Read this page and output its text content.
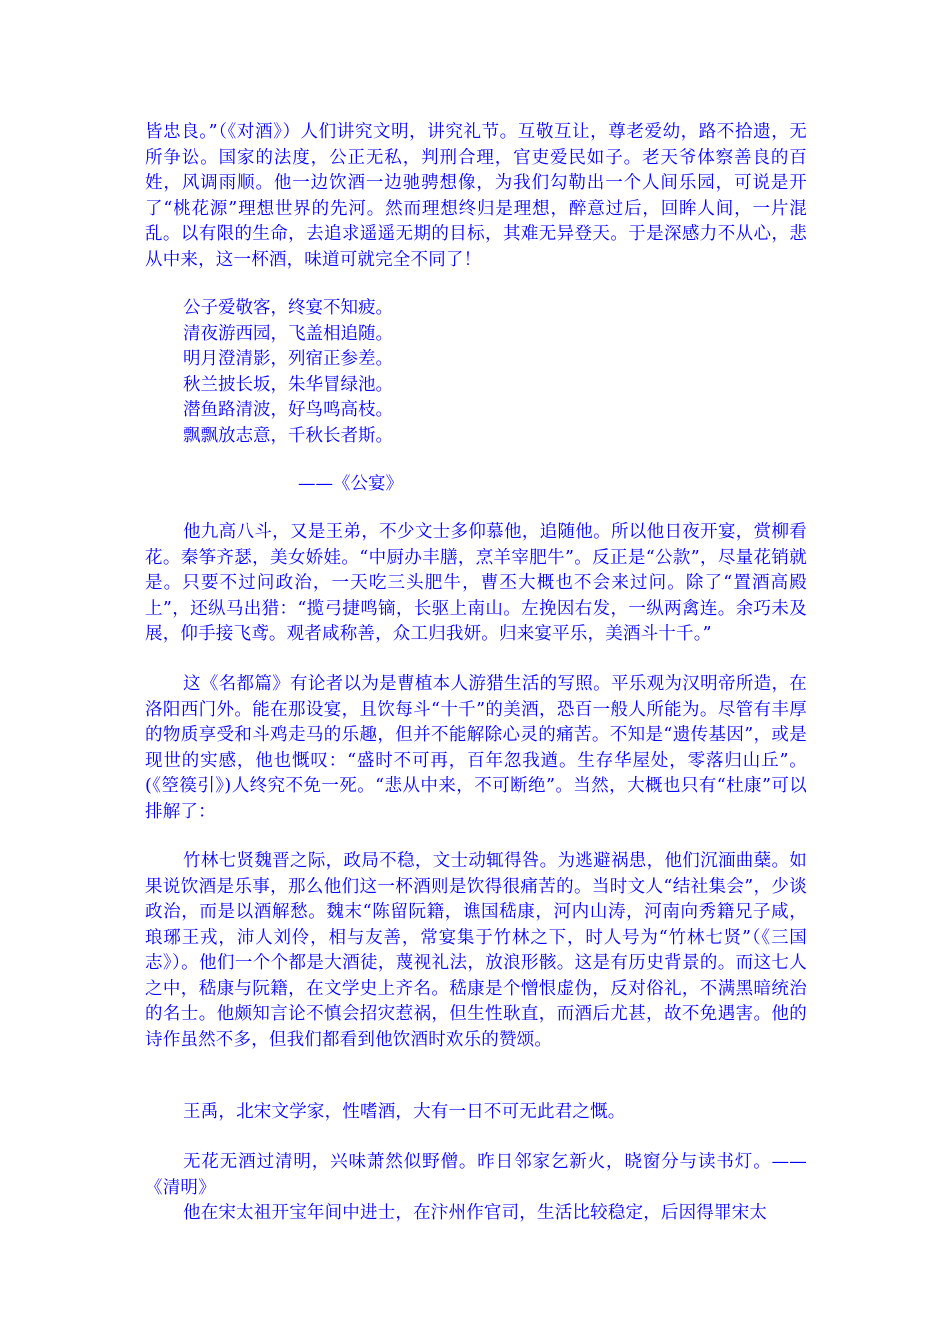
皆忠良。”（《对酒》）人们讲究文明，讲究礼节。互敬互让，尊老爱幼，路不拾遗，无所争讼。国家的法度，公正无私，判刑合理，官吏爱民如子。老天爷体察善良的百姓，风调雨顺。他一边饮酒一边驰骋想像，为我们勾勒出一个人间乐园，可说是开了“桃花源”理想世界的先河。然而理想终归是理想，醉意过后，回眸人间，一片混乱。以有限的生命，去追求遥遥无期的目标，其难无异登天。于是深感力不从心，悲从中来，这一杯酒，味道可就完全不同了！

公子爱敬客，终宴不知疲。
清夜游西园，飞盖相追随。
明月澄清影，列宿正参差。
秋兰披长坂，朱华冒绿池。
潜鱼路清波，好鸟鸣高枝。
飘飘放志意，千秋长者斯。
——《公宴》

他九高八斗，又是王弟，不少文士多仰慕他，追随他。所以他日夜开宴，赏柳看花。秦筝齐瑟，美女娇娃。“中厨办丰膳，烹羊宰肥牛”。反正是“公款”，尽量花销就是。只要不过问政治，一天吃三头肥牛，曹丕大概也不会来过问。除了“置酒高殿上”，还纵马出猎：“揽弓捷鸣镝，长驱上南山。左挽因右发，一纵两禽连。余巧未及展，仰手接飞鸢。观者咸称善，众工归我妍。归来宴平乐，美酒斗十千。”

这《名都篇》有论者以为是曹植本人游猎生活的写照。平乐观为汉明帝所造，在洛阳西门外。能在那设宴，且饮每斗“十千”的美酒，恐百一般人所能为。尽管有丰厚的物质享受和斗鸡走马的乐趣，但并不能解除心灵的痛苦。不知是“遗传基因”，或是现世的实感，他也慨叹：“盛时不可再，百年忽我遒。生存华屋处，零落归山丘”。(《箜篌引》)人终究不免一死。“悲从中来，不可断绝”。当然，大概也只有“杜康”可以排解了：

竹林七贤魏晋之际，政局不稳，文士动辄得咎。为逃避祸患，他们沉湎曲蘖。如果说饮酒是乐事，那么他们这一杯酒则是饮得很痛苦的。当时文人“结社集会”，少谈政治，而是以酒解愁。魏末“陈留阮籍，谯国嵇康，河内山涛，河南向秀籍兄子咸，琅琊王戎，沛人刘伶，相与友善，常宴集于竹林之下，时人号为“竹林七贤”（《三国志》）。他们一个个都是大酒徒，蔑视礼法，放浪形骸。这是有历史背景的。而这七人之中，嵇康与阮籍，在文学史上齐名。嵇康是个憎恨虚伪，反对俗礼，不满黑暗统治的名士。他颇知言论不慎会招灾惹祸，但生性耿直，而酒后尤甚，故不免遇害。他的诗作虽然不多，但我们都看到他饮酒时欢乐的赞颂。

王禹，北宋文学家，性嗜酒，大有一日不可无此君之慨。

无花无酒过清明，兴味萧然似野僧。昨日邻家乞新火，晓窗分与读书灯。——《清明》

他在宋太祖开宝年间中进士，在汴州作官司，生活比较稳定，后因得罪宋太
